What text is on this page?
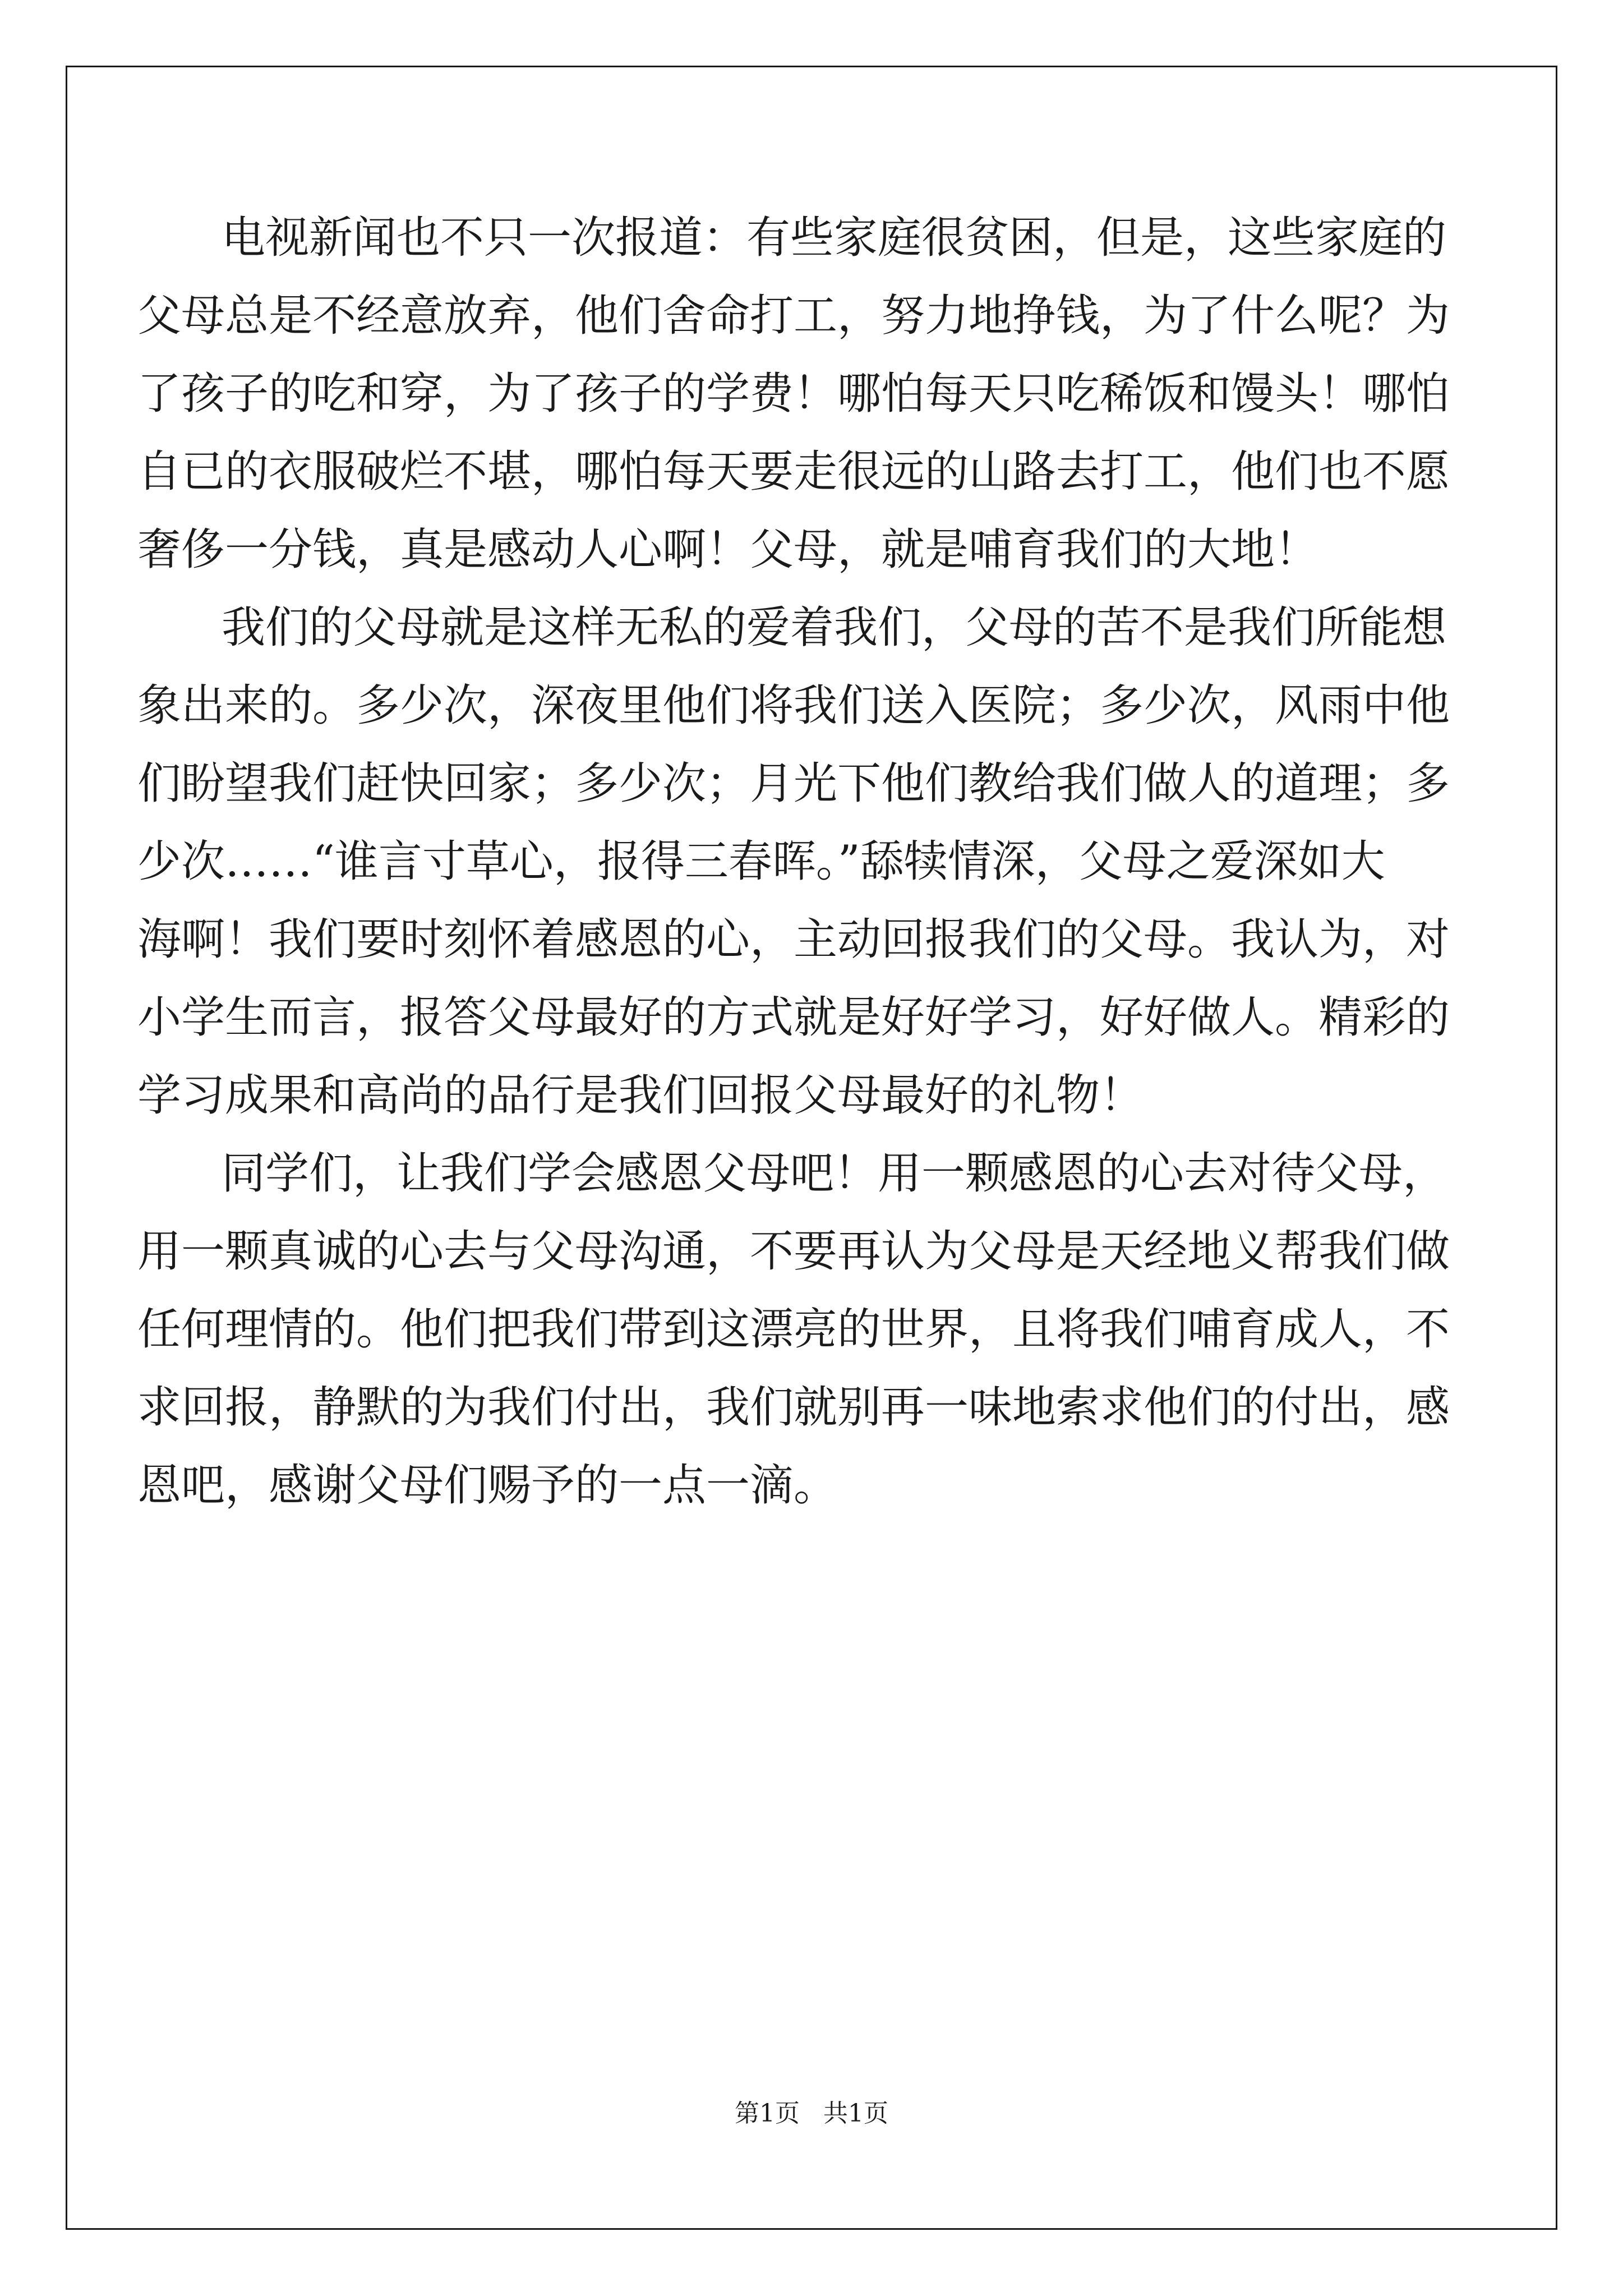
电视新闻也不只一次报道：有些家庭很贫困，但是，这些家庭的
父母总是不经意放弃，他们舍命打工，努力地挣钱，为了什么呢？为
了孩子的吃和穿，为了孩子的学费！哪怕每天只吃稀饭和馒头！哪怕
自已的衣服破烂不堪，哪怕每天要走很远的山路去打工，他们也不愿
奢侈一分钱，真是感动人心啊！父母，就是哺育我们的大地！
我们的父母就是这样无私的爱着我们，父母的苦不是我们所能想
象出来的。多少次，深夜里他们将我们送入医院；多少次，风雨中他
们盼望我们赶快回家；多少次；月光下他们教给我们做人的道理；多
少次……“谁言寸草心，报得三春晖。”舔犊情深，父母之爱深如大
海啊！我们要时刻怀着感恩的心，主动回报我们的父母。我认为，对
小学生而言，报答父母最好的方式就是好好学习，好好做人。精彩的
学习成果和高尚的品行是我们回报父母最好的礼物！
同学们，让我们学会感恩父母吧！用一颗感恩的心去对待父母，
用一颗真诚的心去与父母沟通，不要再认为父母是天经地义帮我们做
任何理情的。他们把我们带到这漂亮的世界，且将我们哺育成人，不
求回报，静默的为我们付出，我们就别再一味地索求他们的付出，感
恩吧，感谢父母们赐予的一点一滴。
第1页 共1页
